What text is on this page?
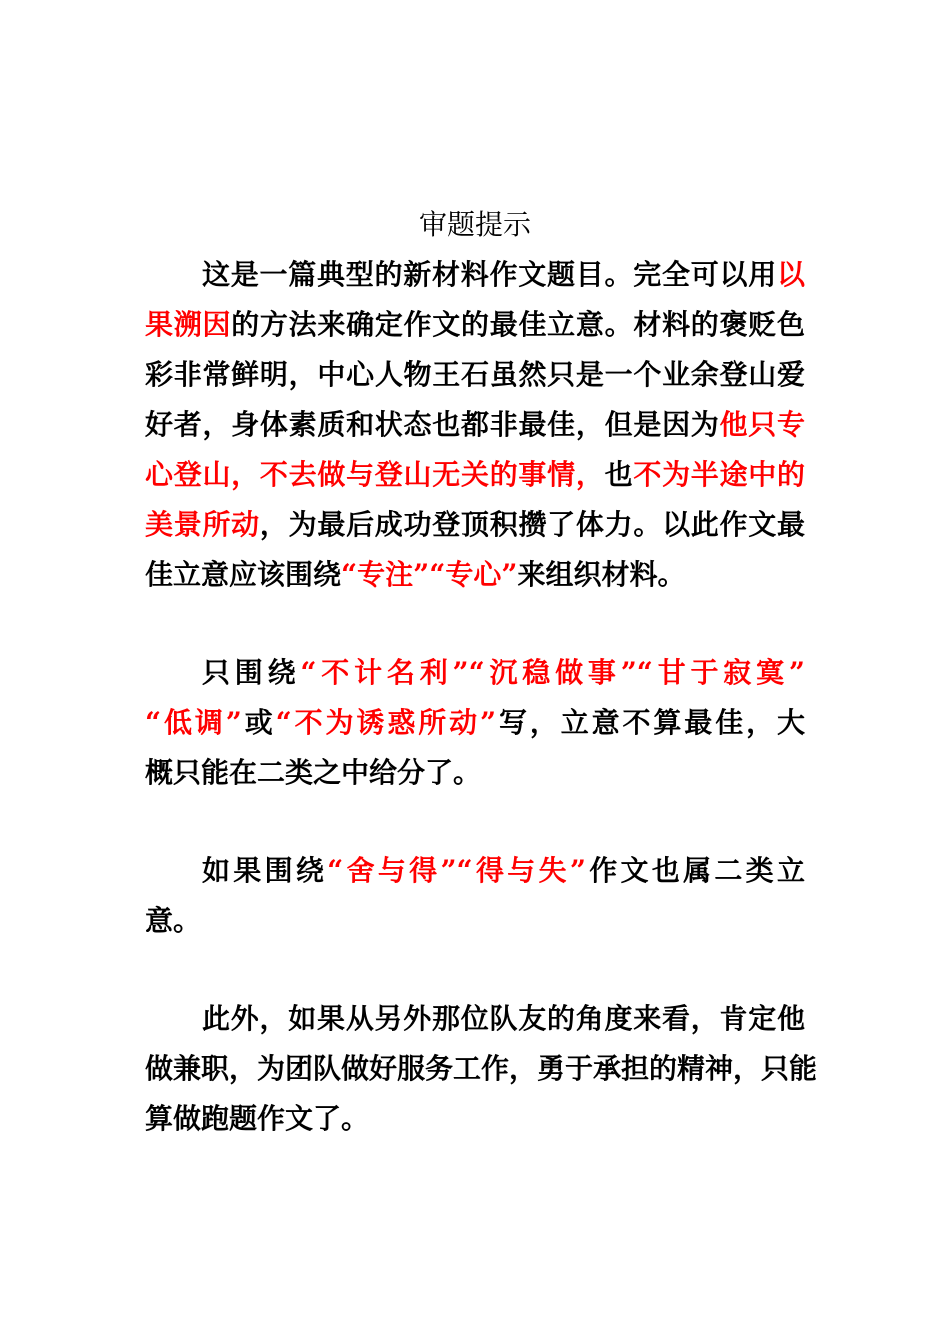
审题提示
这是一篇典型的新材料作文题目。完全可以用以
果溯因的方法来确定作文的最佳立意。材料的褒贬色
彩非常鲜明，中心人物王石虽然只是一个业余登山爱
好者，身体素质和状态也都非最佳，但是因为他只专
心登山，不去做与登山无关的事情，也不为半途中的
美景所动，为最后成功登顶积攒了体力。以此作文最
佳立意应该围绕“专注”“专心”来组织材料。
只围绕“不计名利”“沉稳做事”“甘于寂寞”
“低调”或“不为诱惑所动”写，立意不算最佳，大
概只能在二类之中给分了。
如果围绕“舍与得”“得与失”作文也属二类立
意。
此外，如果从另外那位队友的角度来看，肯定他
做兼职，为团队做好服务工作，勇于承担的精神，只能
算做跑题作文了。
